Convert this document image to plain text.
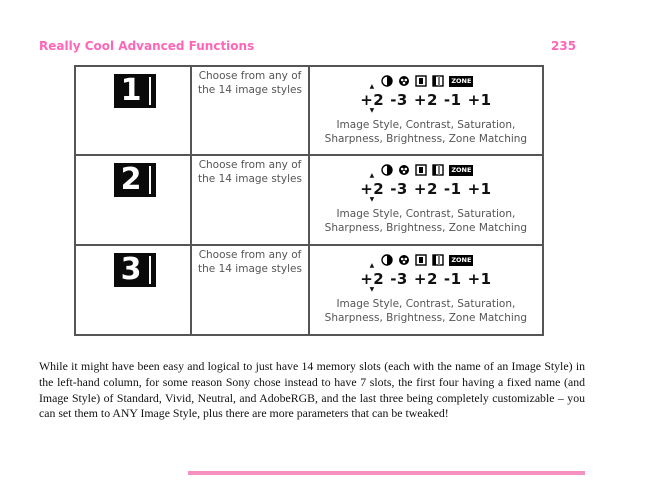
Really Cool Advanced Functions	235
1	Choose from any of the 14 image styles	ZONE
▲ +2 ▼ -3 +2 -1 +1
Image Style, Contrast, Saturation, Sharpness, Brightness, Zone Matching

2	Choose from any of the 14 image styles	ZONE
▲ +2 ▼ -3 +2 -1 +1
Image Style, Contrast, Saturation, Sharpness, Brightness, Zone Matching

3	Choose from any of the 14 image styles	ZONE
▲ +2 ▼ -3 +2 -1 +1
Image Style, Contrast, Saturation, Sharpness, Brightness, Zone Matching
While it might have been easy and logical to just have 14 memory slots (each with the name of an Image Style) in the left-hand column, for some reason Sony chose instead to have 7 slots, the first four having a fixed name (and Image Style) of Standard, Vivid, Neutral, and AdobeRGB, and the last three being completely customizable – you can set them to ANY Image Style, plus there are more parameters that can be tweaked!
